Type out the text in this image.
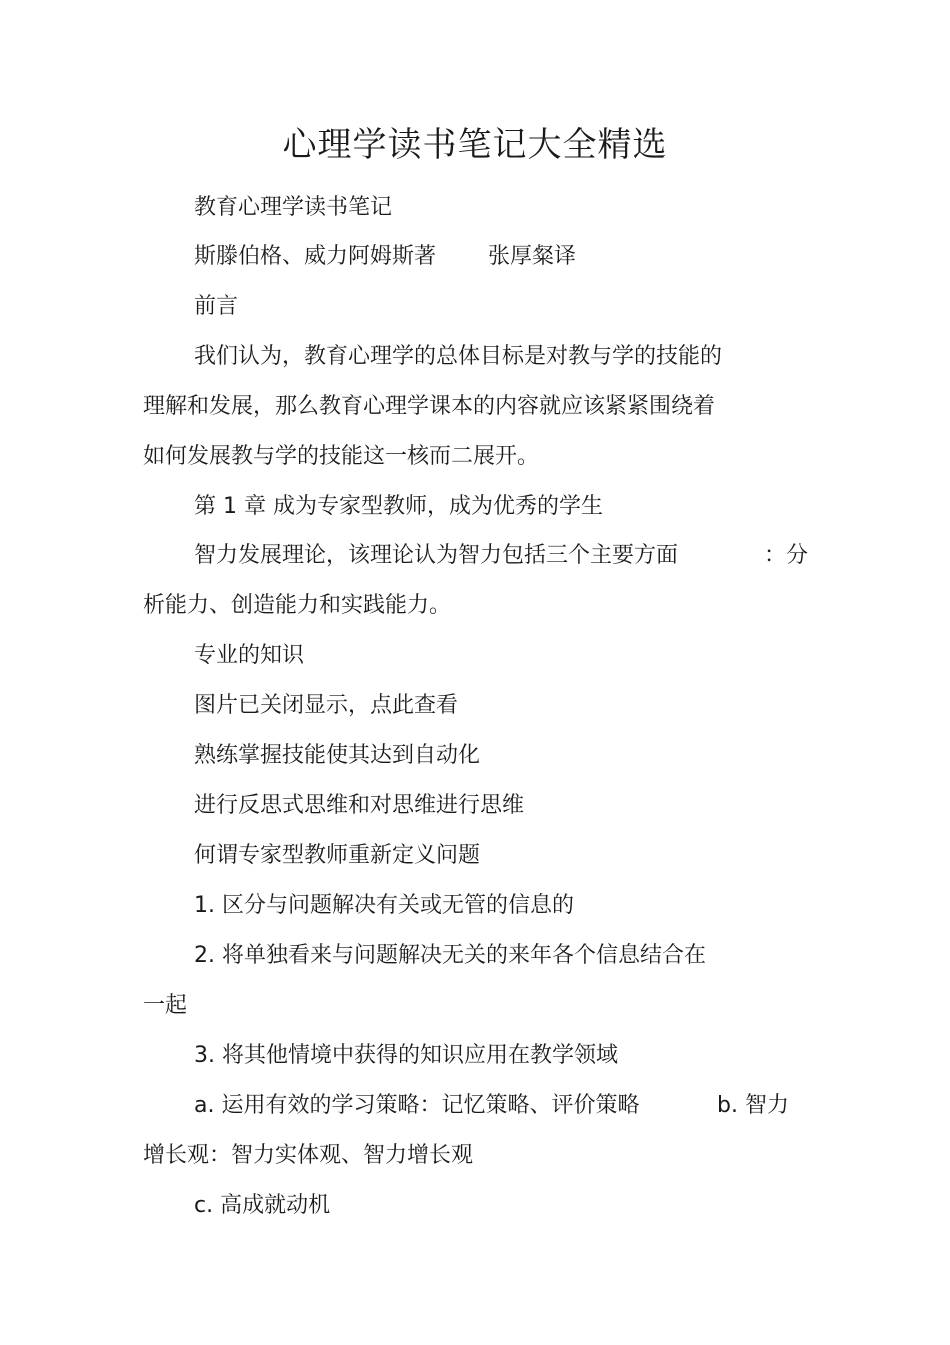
心理学读书笔记大全精选

教育心理学读书笔记

斯滕伯格、威力阿姆斯著 张厚粲译

前言

我们认为，教育心理学的总体目标是对教与学的技能的

理解和发展，那么教育心理学课本的内容就应该紧紧围绕着

如何发展教与学的技能这一核而二展开。

第 1 章 成为专家型教师，成为优秀的学生

智力发展理论，该理论认为智力包括三个主要方面	：分

析能力、创造能力和实践能力。

专业的知识

图片已关闭显示，点此查看

熟练掌握技能使其达到自动化

进行反思式思维和对思维进行思维

何谓专家型教师重新定义问题

1. 区分与问题解决有关或无管的信息的

2. 将单独看来与问题解决无关的来年各个信息结合在

一起

3. 将其他情境中获得的知识应用在教学领域

a. 运用有效的学习策略：记忆策略、评价策略	b. 智力

增长观：智力实体观、智力增长观

c. 高成就动机
